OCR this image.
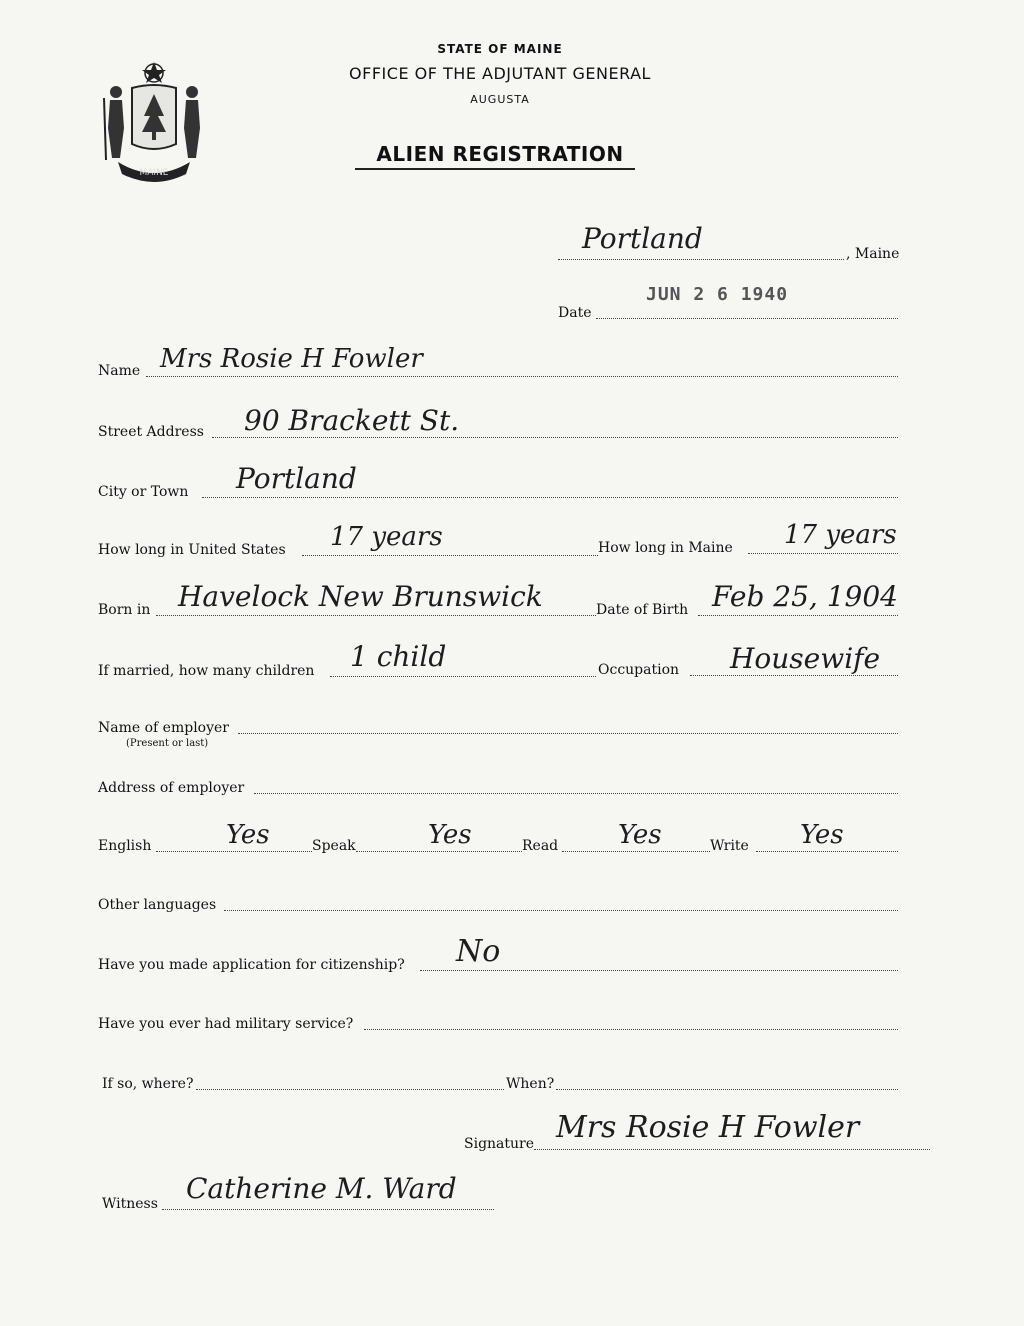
MAINE
STATE OF MAINE
OFFICE OF THE ADJUTANT GENERAL
AUGUSTA
ALIEN REGISTRATION
Portland	, Maine
JUN 2 6 1940
Date
Name Mrs Rosie H Fowler
Street Address 90 Brackett St.
City or Town Portland
How long in United States 17 years	How long in Maine 17 years
Born in Havelock New Brunswick	Date of Birth Feb 25, 1904
If married, how many children 1 child	Occupation Housewife
Name of employer
(Present or last)
Address of employer
English	Yes	Speak	Yes	Read Yes	Write Yes
Other languages
Have you made application for citizenship? No
Have you ever had military service?
If so, where?	When?
Signature Mrs Rosie H Fowler
Witness Catherine M. Ward
